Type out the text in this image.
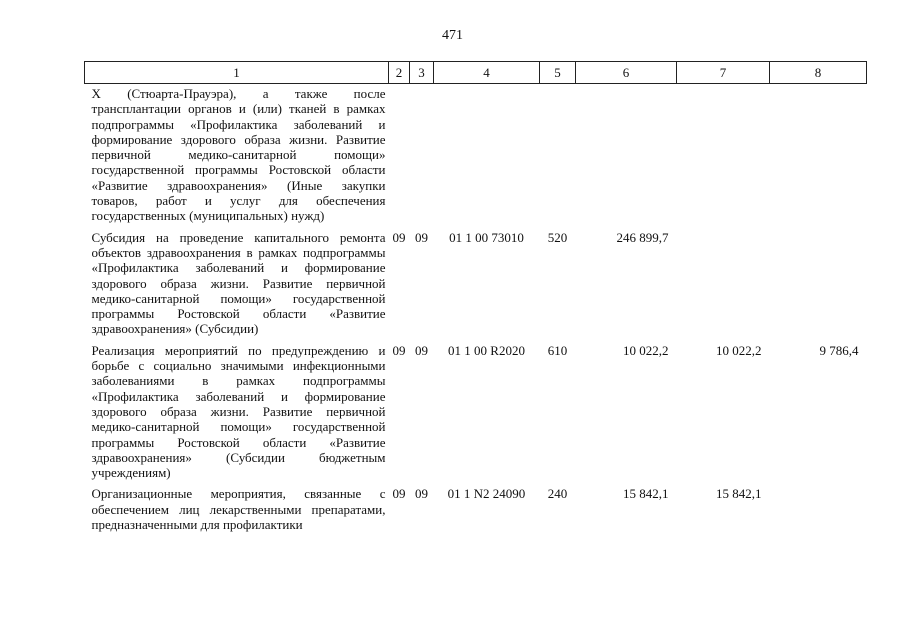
471
1	2	3	4	5	6	7	8
X (Стюарта-Прауэра), а также после трансплантации органов и (или) тканей в рамках подпрограммы «Профилактика заболеваний и формирование здорового образа жизни. Развитие первичной медико-санитарной помощи» государственной программы Ростовской области «Развитие здравоохранения» (Иные закупки товаров, работ и услуг для обеспечения государственных (муниципальных) нужд)							
Субсидия на проведение капитального ремонта объектов здравоохранения в рамках подпрограммы «Профилактика заболеваний и формирование здорового образа жизни. Развитие первичной медико-санитарной помощи» государственной программы Ростовской области «Развитие здравоохранения» (Субсидии)	09	09	01 1 00 73010	520	246 899,7		
Реализация мероприятий по предупреждению и борьбе с социально значимыми инфекционными заболеваниями в рамках подпрограммы «Профилактика заболеваний и формирование здорового образа жизни. Развитие первичной медико-санитарной помощи» государственной программы Ростовской области «Развитие здравоохранения» (Субсидии бюджетным учреждениям)	09	09	01 1 00 R2020	610	10 022,2	10 022,2	9 786,4
Организационные мероприятия, связанные с обеспечением лиц лекарственными препаратами, предназначенными для профилактики	09	09	01 1 N2 24090	240	15 842,1	15 842,1	
